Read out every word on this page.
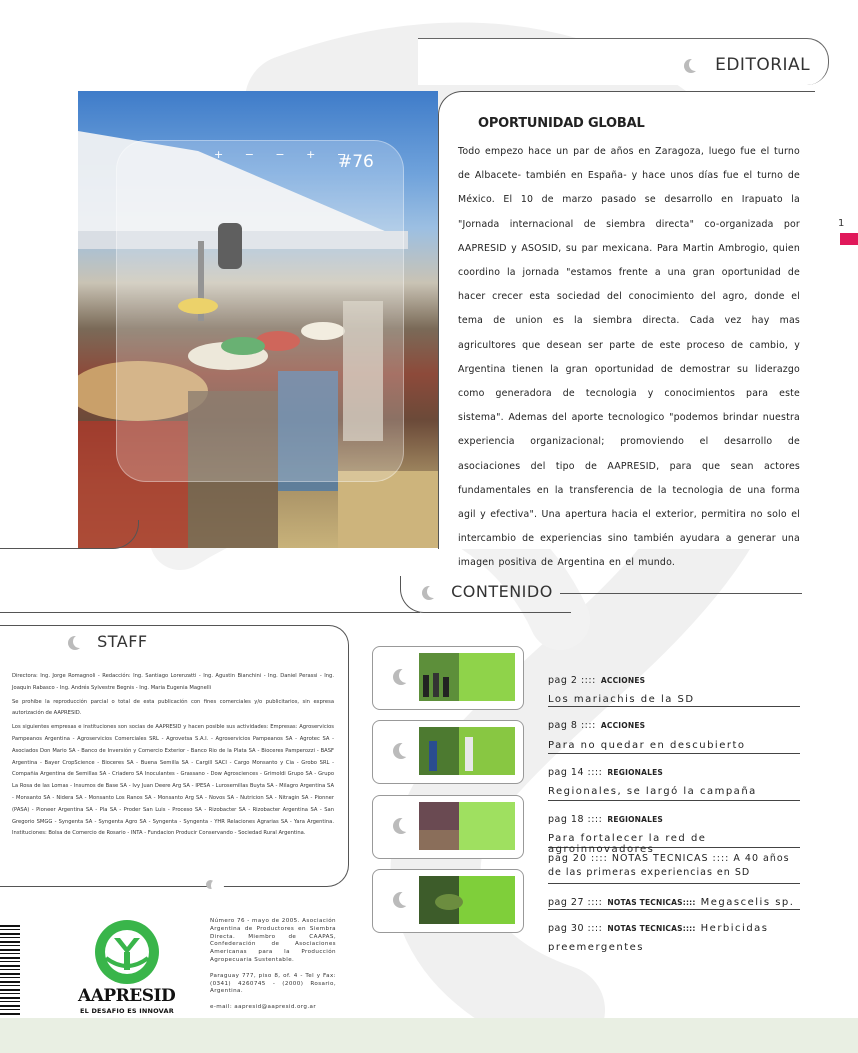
EDITORIAL
+ − − + −
#76
OPORTUNIDAD GLOBAL
Todo empezo hace un par de años en Zaragoza, luego fue el turno de Albacete- también en España- y hace unos días fue el turno de México. El 10 de marzo pasado se desarrollo en Irapuato la "Jornada internacional de siembra directa" co-organizada por AAPRESID y ASOSID, su par mexicana. Para Martin Ambrogio, quien coordino la jornada "estamos frente a una gran oportunidad de hacer crecer esta sociedad del conocimiento del agro, donde el tema de union es la siembra directa. Cada vez hay mas agricultores que desean ser parte de este proceso de cambio, y Argentina tienen la gran oportunidad de demostrar su liderazgo como generadora de tecnologia y conocimientos para este sistema". Ademas del aporte tecnologico "podemos brindar nuestra experiencia organizacional; promoviendo el desarrollo de asociaciones del tipo de AAPRESID, para que sean actores fundamentales en la transferencia de la tecnologia de una forma agil y efectiva". Una apertura hacia el exterior, permitira no solo el intercambio de experiencias sino también ayudara a generar una imagen positiva de Argentina en el mundo.
1
CONTENIDO
STAFF

Directora: Ing. Jorge Romagnoli - Redacción: Ing. Santiago Lorenzatti - Ing. Agustin Bianchini - Ing. Daniel Perassi - Ing. Joaquin Rabasco - Ing. Andrés Sylvestre Begnis - Ing. Maria Eugenia Magnelli

Se prohibe la reproducción parcial o total de esta publicación con fines comerciales y/o publicitarios, sin expresa autorización de AAPRESID.

Los siguientes empresas e instituciones son socias de AAPRESID y hacen posible sus actividades: Empresas: Agroservicios Pampeanos Argentina - Agroservicios Comerciales SRL - Agrovetsa S.A.I. - Agroservicios Pampeanos SA - Agrotec SA - Asociados Don Mario SA - Banco de Inversión y Comercio Exterior - Banco Rio de la Plata SA - Bioceres Pamperozzi - BASF Argentina - Bayer CropScience - Bioceres SA - Buena Semilla SA - Cargill SACI - Cargo Monsanto y Cia - Grobo SRL - Compañia Argentina de Semillas SA - Criadero SA Inoculantes - Grassano - Dow Agrosciences - Grimoldi Grupo SA - Grupo La Rosa de las Lomas - Insumos de Base SA - Ivy Juan Deere Arg SA - IPESA - Lurosemillas Buyta SA - Milagro Argentina SA - Monsanto SA - Nidera SA - Monsanto Los Ranos SA - Monsanto Arg SA - Novos SA - Nutricion SA - Nitragin SA - Pionner (PASA) - Pioneer Argentina SA - Pla SA - Proder San Luis - Proceso SA - Rizobacter SA - Rizobacter Argentina SA - San Gregorio SMGG - Syngenta SA - Syngenta Agro SA - Syngenta - Syngenta - YHR Relaciones Agrarias SA - Yara Argentina. Instituciones: Bolsa de Comercio de Rosario - INTA - Fundacion Producir Conservando - Sociedad Rural Argentina.

pag 2 :::: ACCIONES
Los mariachis de la SD
pag 8 :::: ACCIONES
Para no quedar en descubierto
pag 14 :::: REGIONALES
Regionales, se largó la campaña
pag 18 :::: REGIONALES
Para fortalecer la red de agroinnovadores
pag 20 :::: NOTAS TECNICAS :::: A 40 años de las primeras experiencias en SD
pag 27 :::: NOTAS TECNICAS:::: Megascelis sp.
pag 30 :::: NOTAS TECNICAS:::: Herbicidas preemergentes
AAPRESID
EL DESAFIO ES INNOVAR

Número 76 - mayo de 2005. Asociación Argentina de Productores en Siembra Directa. Miembro de CAAPAS, Confederación de Asociaciones Americanas para la Producción Agropecuaria Sustentable.

Paraguay 777, piso 8, of. 4 - Tel y Fax: (0341) 4260745 - (2000) Rosario, Argentina.

e-mail: aapresid@aapresid.org.ar
